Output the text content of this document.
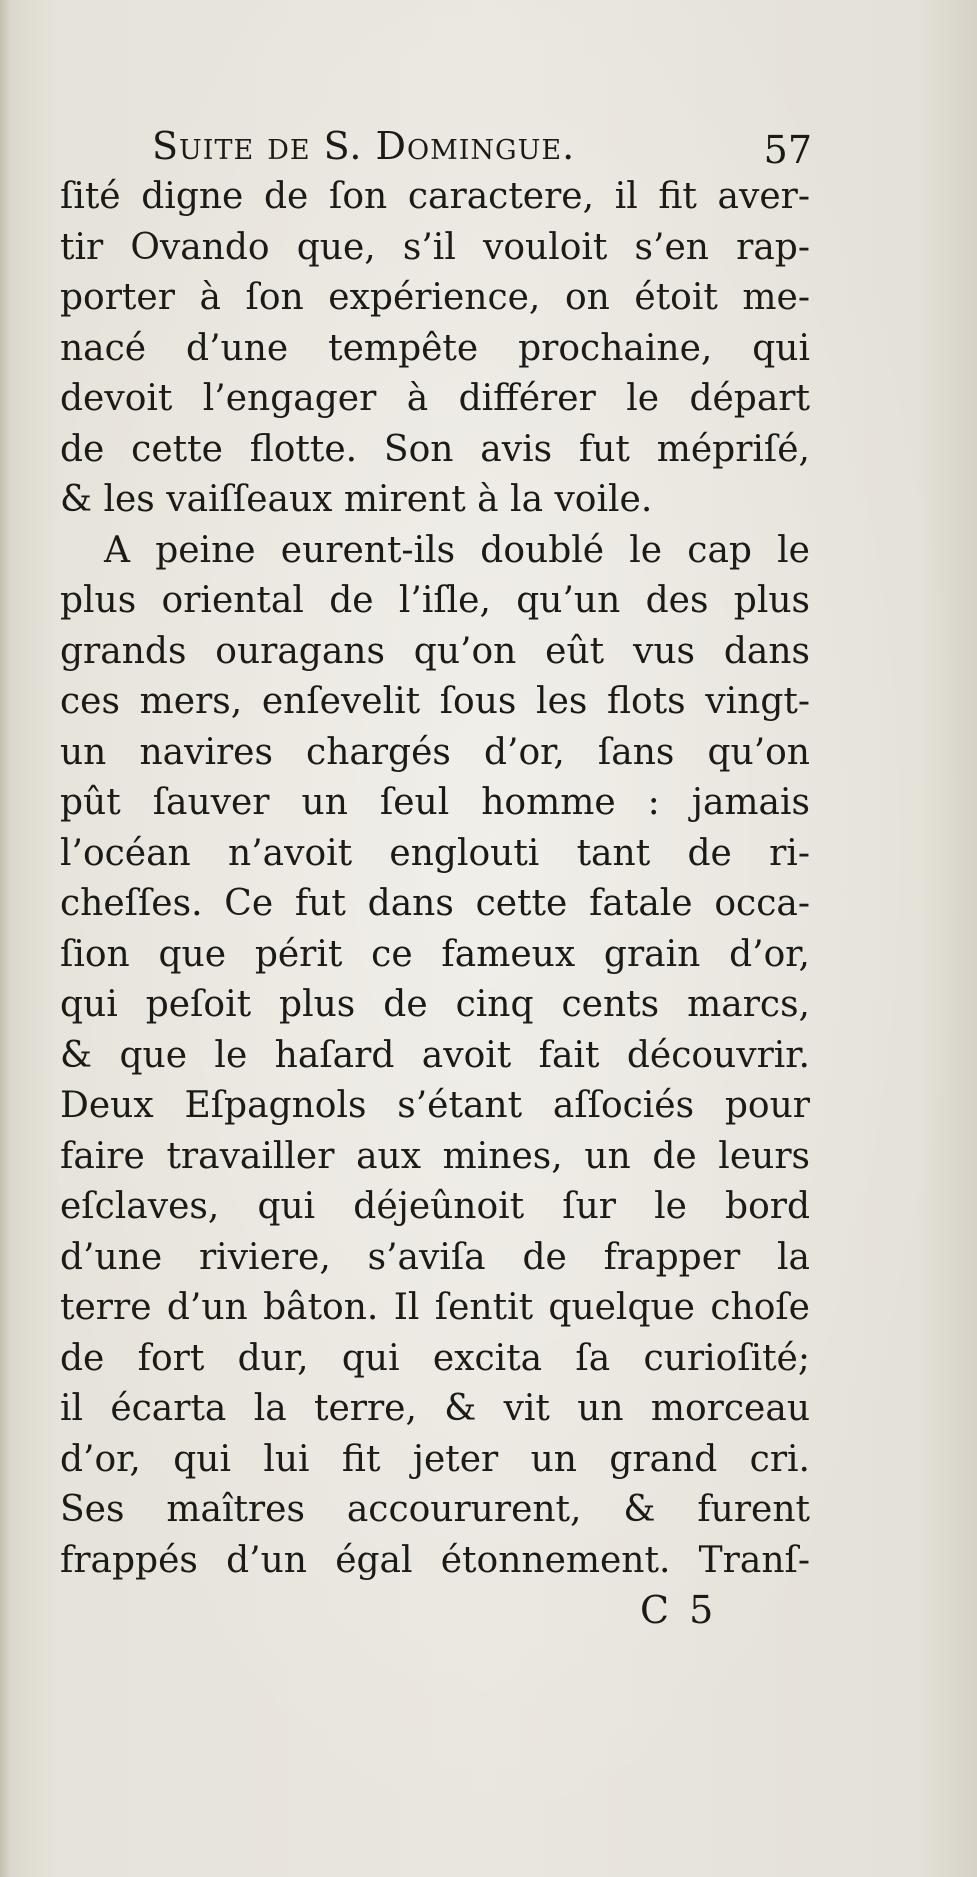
Suite de S. Domingue.	57
ſité digne de ſon caractere, il fit aver-
tir Ovando que, s’il vouloit s’en rap-
porter à ſon expérience, on étoit me-
nacé d’une tempête prochaine, qui
devoit l’engager à différer le départ
de cette flotte. Son avis fut mépriſé,
& les vaiſſeaux mirent à la voile.
A peine eurent-ils doublé le cap le
plus oriental de l’iſle, qu’un des plus
grands ouragans qu’on eût vus dans
ces mers, enſevelit ſous les flots vingt-
un navires chargés d’or, ſans qu’on
pût ſauver un ſeul homme : jamais
l’océan n’avoit englouti tant de ri-
cheſſes. Ce fut dans cette fatale occa-
ſion que périt ce fameux grain d’or,
qui peſoit plus de cinq cents marcs,
& que le haſard avoit fait découvrir.
Deux Eſpagnols s’étant aſſociés pour
faire travailler aux mines, un de leurs
eſclaves, qui déjeûnoit ſur le bord
d’une riviere, s’aviſa de frapper la
terre d’un bâton. Il ſentit quelque choſe
de fort dur, qui excita ſa curioſité;
il écarta la terre, & vit un morceau
d’or, qui lui fit jeter un grand cri.
Ses maîtres accoururent, & furent
frappés d’un égal étonnement. Tranſ-
C 5
